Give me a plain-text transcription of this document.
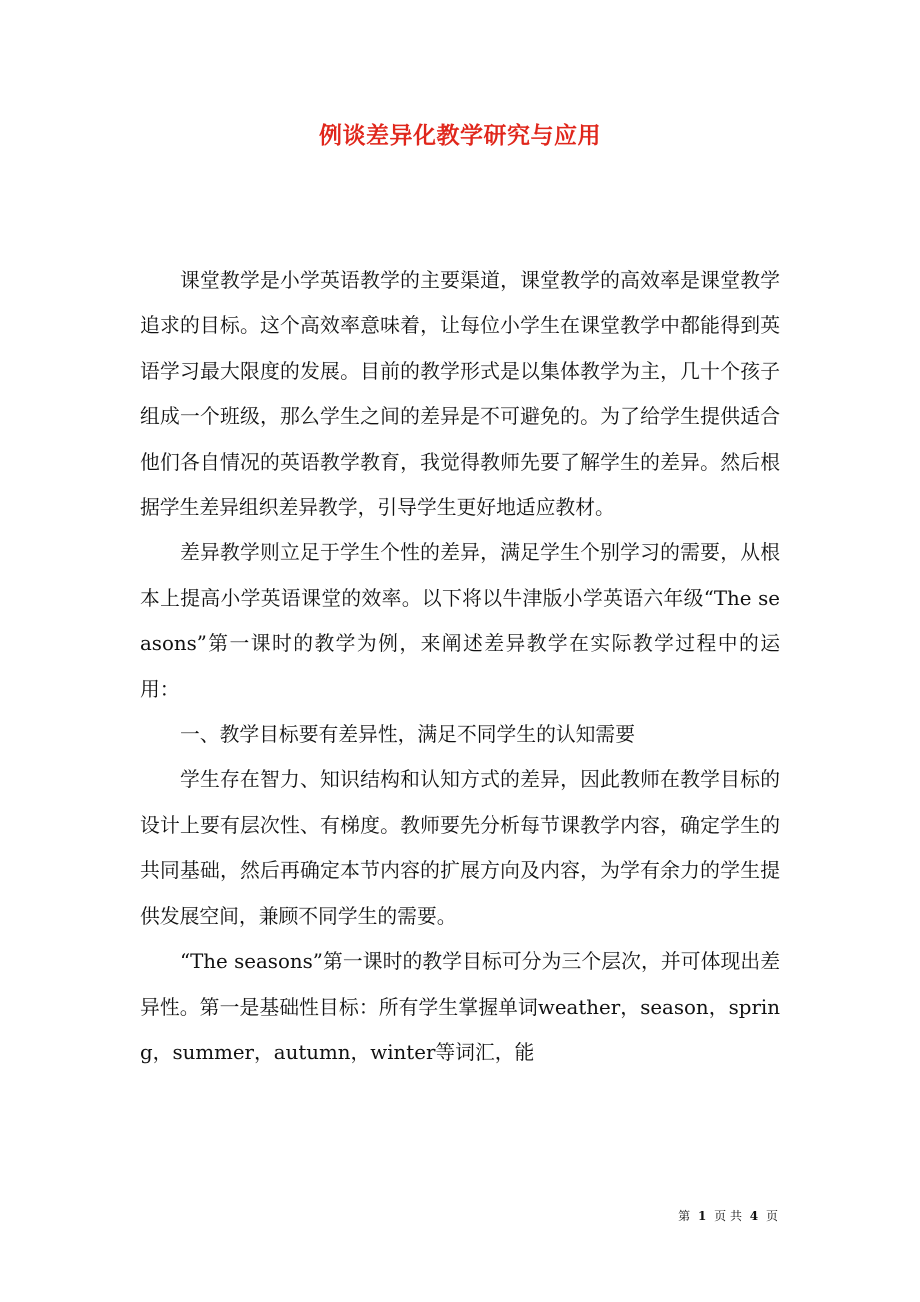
例谈差异化教学研究与应用

课堂教学是小学英语教学的主要渠道，课堂教学的高效率是课堂教学追求的目标。这个高效率意味着，让每位小学生在课堂教学中都能得到英语学习最大限度的发展。目前的教学形式是以集体教学为主，几十个孩子组成一个班级，那么学生之间的差异是不可避免的。为了给学生提供适合他们各自情况的英语教学教育，我觉得教师先要了解学生的差异。然后根据学生差异组织差异教学，引导学生更好地适应教材。

差异教学则立足于学生个性的差异，满足学生个别学习的需要，从根本上提高小学英语课堂的效率。以下将以牛津版小学英语六年级“The seasons”第一课时的教学为例，来阐述差异教学在实际教学过程中的运用：

一、教学目标要有差异性，满足不同学生的认知需要

学生存在智力、知识结构和认知方式的差异，因此教师在教学目标的设计上要有层次性、有梯度。教师要先分析每节课教学内容，确定学生的共同基础，然后再确定本节内容的扩展方向及内容，为学有余力的学生提供发展空间，兼顾不同学生的需要。

“The seasons”第一课时的教学目标可分为三个层次，并可体现出差异性。第一是基础性目标：所有学生掌握单词weather，season，spring，summer，autumn，winter等词汇，能

第 1 页 共 4 页
